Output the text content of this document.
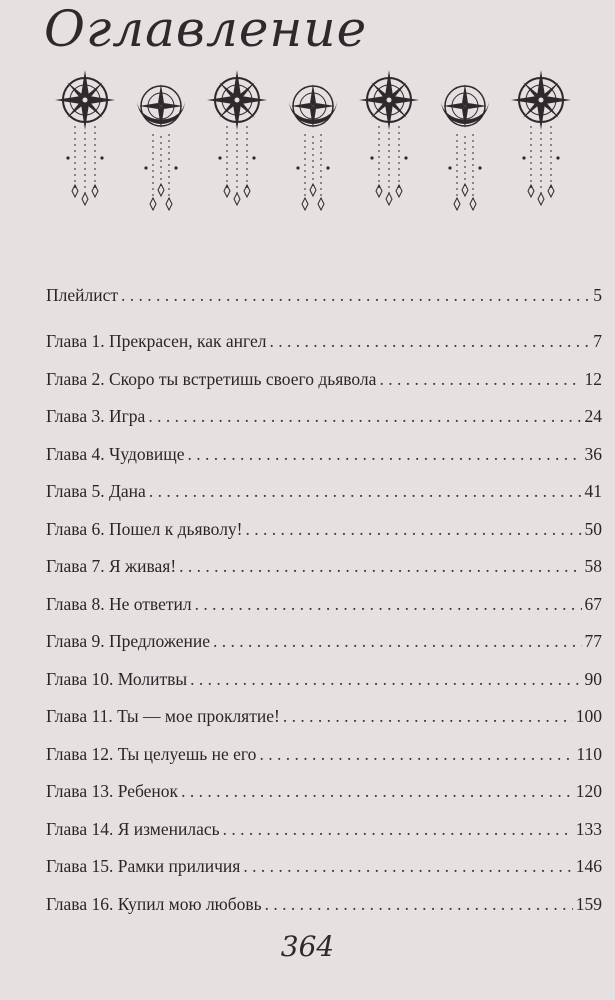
Оглавление
Плейлист . . .	5
Глава 1. Прекрасен, как ангел . . .	7
Глава 2. Скоро ты встретишь своего дьявола . . .	12
Глава 3. Игра . . .	24
Глава 4. Чудовище . . .	36
Глава 5. Дана . . .	41
Глава 6. Пошел к дьяволу! . . .	50
Глава 7. Я живая! . . .	58
Глава 8. Не ответил . . .	67
Глава 9. Предложение . . .	77
Глава 10. Молитвы . . .	90
Глава 11. Ты — мое проклятие! . . .	100
Глава 12. Ты целуешь не его . . .	110
Глава 13. Ребенок . . .	120
Глава 14. Я изменилась . . .	133
Глава 15. Рамки приличия . . .	146
Глава 16. Купил мою любовь . . .	159
364
